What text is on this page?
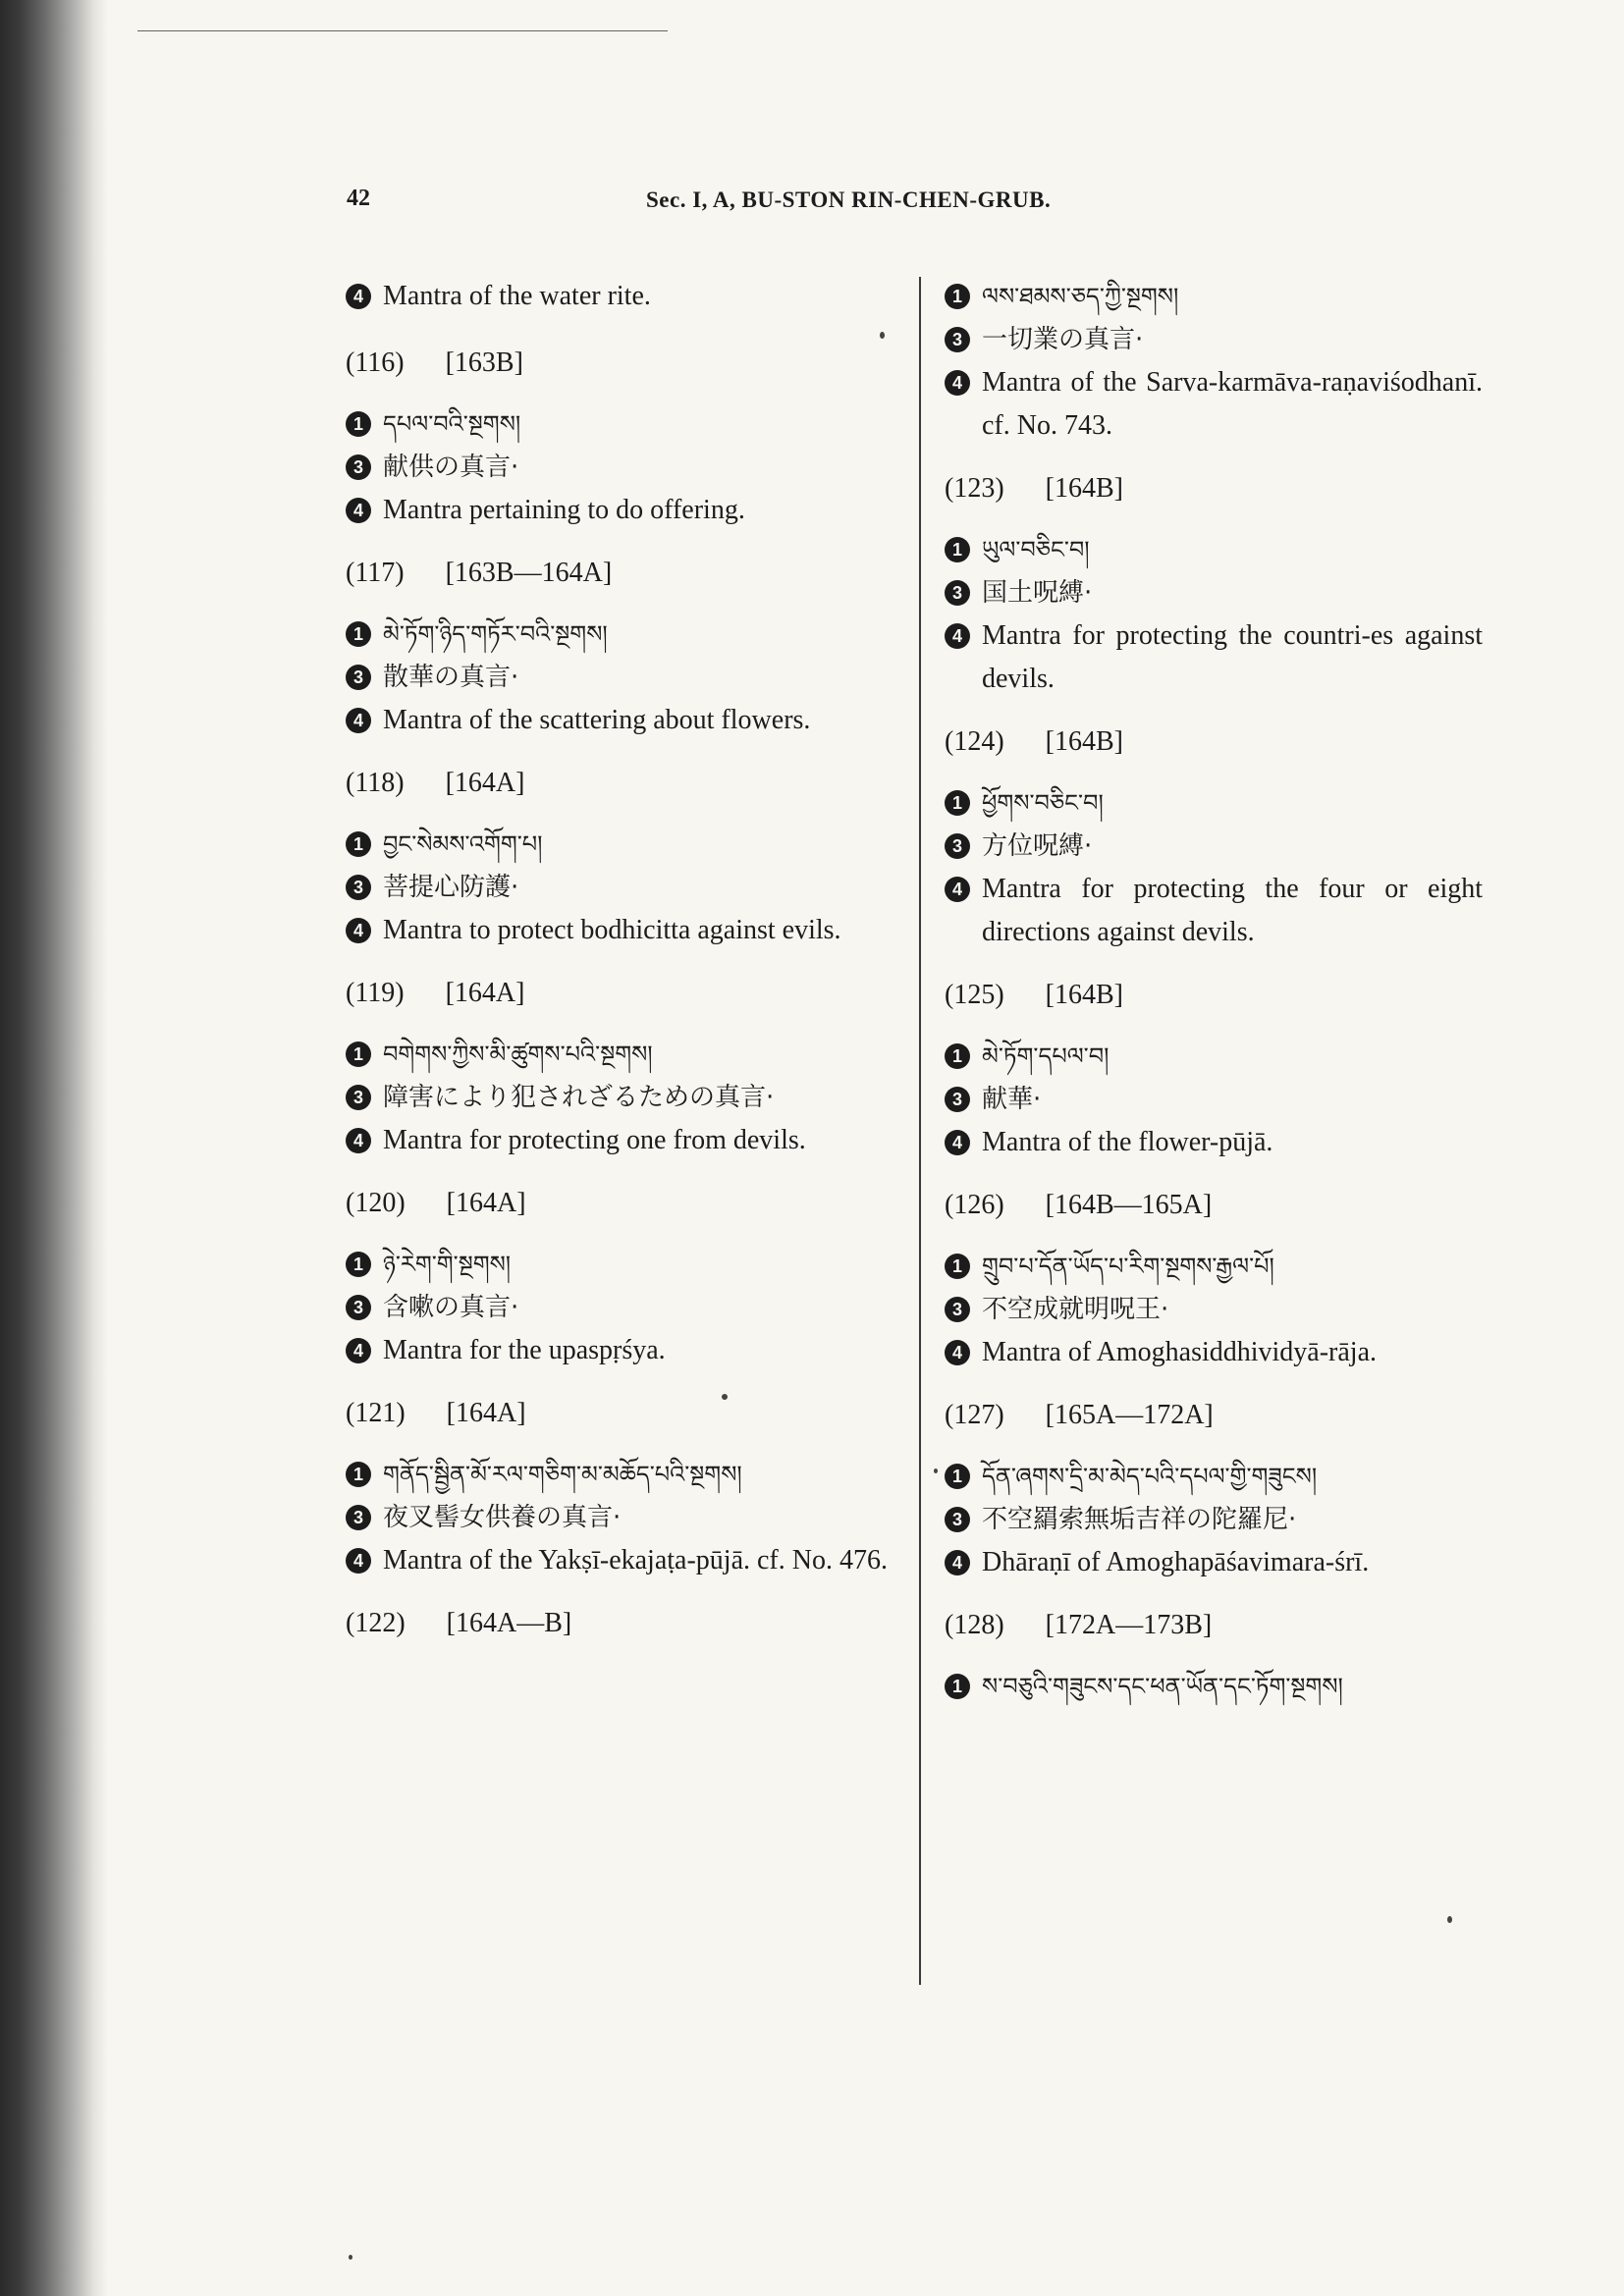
42	Sec. I, A, BU-STON RIN-CHEN-GRUB.
4 Mantra of the water rite.
(116) [163B]
1 དཔལ་བའི་སྔགས།
3 献供の真言·
4 Mantra pertaining to do offering.
(117) [163B—164A]
1 མེ་ཏོག་ཉིད་གཏོར་བའི་སྔགས།
3 散華の真言·
4 Mantra of the scattering about flowers.
(118) [164A]
1 བྱང་སེམས་འགོག་པ།
3 菩提心防護·
4 Mantra to protect bodhicitta against evils.
(119) [164A]
1 བགེགས་ཀྱིས་མི་ཚུགས་པའི་སྔགས།
3 障害により犯されざるための真言·
4 Mantra for protecting one from devils.
(120) [164A]
1 ཉེ་རེག་གི་སྔགས།
3 含嗽の真言·
4 Mantra for the upaspṛśya.
(121) [164A]
1 གནོད་སྦྱིན་མོ་རལ་གཅིག་མ་མཆོད་པའི་སྔགས།
3 夜叉髻女供養の真言·
4 Mantra of the Yakṣī-ekajaṭa-pūjā. cf. No. 476.
(122) [164A—B]
1 ལས་ཐམས་ཅད་ཀྱི་སྔགས།
3 一切業の真言·
4 Mantra of the Sarva-karmāva-raṇaviśodhanī. cf. No. 743.
(123) [164B]
1 ཡུལ་བཅིང་བ།
3 国土呪縛·
4 Mantra for protecting the countri-es against devils.
(124) [164B]
1 ཕྱོགས་བཅིང་བ།
3 方位呪縛·
4 Mantra for protecting the four or eight directions against devils.
(125) [164B]
1 མེ་ཏོག་དཔལ་བ།
3 献華·
4 Mantra of the flower-pūjā.
(126) [164B—165A]
1 གྲུབ་པ་དོན་ཡོད་པ་རིག་སྔགས་རྒྱལ་པོ།
3 不空成就明呪王·
4 Mantra of Amoghasiddhividyā-rāja.
(127) [165A—172A]
1 དོན་ཞགས་དྲི་མ་མེད་པའི་དཔལ་གྱི་གཟུངས།
3 不空羂索無垢吉祥の陀羅尼·
4 Dhāraṇī of Amoghapāśavimara-śrī.
(128) [172A—173B]
1 ས་བཅུའི་གཟུངས་དང་ཕན་ཡོན་དང་ཏོག་སྔགས།
